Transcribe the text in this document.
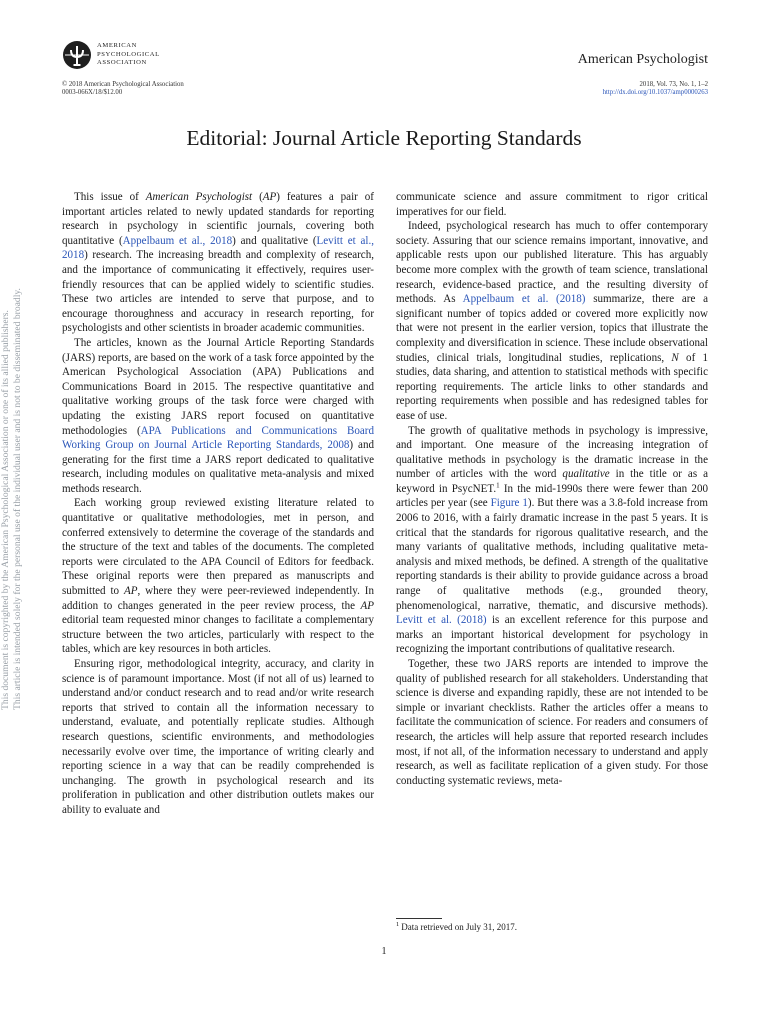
AMERICAN
PSYCHOLOGICAL
ASSOCIATION	American Psychologist
© 2018 American Psychological Association
0003-066X/18/$12.00
2018, Vol. 73, No. 1, 1–2
http://dx.doi.org/10.1037/amp0000263
Editorial: Journal Article Reporting Standards
This document is copyrighted by the American Psychological Association or one of its allied publishers. This article is intended solely for the personal use of the individual user and is not to be disseminated broadly.

This issue of American Psychologist (AP) features a pair of important articles related to newly updated standards for reporting research in psychology in scientific journals, covering both quantitative (Appelbaum et al., 2018) and qualitative (Levitt et al., 2018) research. The increasing breadth and complexity of research, and the importance of communicating it effectively, requires user-friendly resources that can be applied widely to scientific studies. These two articles are intended to serve that purpose, and to encourage thoroughness and accuracy in research reporting, for psychologists and other scientists in broader academic communities.

The articles, known as the Journal Article Reporting Standards (JARS) reports, are based on the work of a task force appointed by the American Psychological Association (APA) Publications and Communications Board in 2015. The respective quantitative and qualitative working groups of the task force were charged with updating the existing JARS report focused on quantitative methodologies (APA Publications and Communications Board Working Group on Journal Article Reporting Standards, 2008) and generating for the first time a JARS report dedicated to qualitative research, including modules on qualitative meta-analysis and mixed methods research.

Each working group reviewed existing literature related to quantitative or qualitative methodologies, met in person, and conferred extensively to determine the coverage of the standards and the structure of the text and tables of the documents. The completed reports were circulated to the APA Council of Editors for feedback. These original reports were then prepared as manuscripts and submitted to AP, where they were peer-reviewed independently. In addition to changes generated in the peer review process, the AP editorial team requested minor changes to facilitate a complementary structure between the two articles, particularly with respect to the tables, which are key resources in both articles.

Ensuring rigor, methodological integrity, accuracy, and clarity in science is of paramount importance. Most (if not all of us) learned to understand and/or conduct research and to read and/or write research reports that strived to contain all the information necessary to understand, evaluate, and potentially replicate studies. Although research questions, scientific environments, and methodologies necessarily evolve over time, the importance of writing clearly and reporting science in a way that can be readily comprehended is unchanging. The growth in psychological research and its proliferation in publication and other distribution outlets makes our ability to evaluate and

communicate science and assure commitment to rigor critical imperatives for our field.

Indeed, psychological research has much to offer contemporary society. Assuring that our science remains important, innovative, and applicable rests upon our published literature. This has arguably become more complex with the growth of team science, translational research, evidence-based practice, and the resulting diversity of methods. As Appelbaum et al. (2018) summarize, there are a significant number of topics added or covered more explicitly now that were not present in the earlier version, topics that illustrate the complexity and diversification in science. These include observational studies, clinical trials, longitudinal studies, replications, N of 1 studies, data sharing, and attention to statistical methods with specific reporting requirements. The article links to other standards and reporting requirements when possible and has redesigned tables for ease of use.

The growth of qualitative methods in psychology is impressive, and important. One measure of the increasing integration of qualitative methods in psychology is the dramatic increase in the number of articles with the word qualitative in the title or as a keyword in PsycNET.$^1$ In the mid-1990s there were fewer than 200 articles per year (see Figure 1). But there was a 3.8-fold increase from 2006 to 2016, with a fairly dramatic increase in the past 5 years. It is critical that the standards for rigorous qualitative research, and the many variants of qualitative methods, including qualitative meta-analysis and mixed methods, be defined. A strength of the qualitative reporting standards is their ability to provide guidance across a broad range of qualitative methods (e.g., grounded theory, phenomenological, narrative, thematic, and discursive methods). Levitt et al. (2018) is an excellent reference for this purpose and marks an important historical development for psychology in recognizing the important contributions of qualitative research.

Together, these two JARS reports are intended to improve the quality of published research for all stakeholders. Understanding that science is diverse and expanding rapidly, these are not intended to be simple or invariant checklists. Rather the articles offer a means to facilitate the communication of science. For readers and consumers of research, the articles will help assure that reported research includes most, if not all, of the information necessary to understand and apply research, as well as facilitate replication of a given study. For those conducting systematic reviews, meta-

$^1$ Data retrieved on July 31, 2017.
1
